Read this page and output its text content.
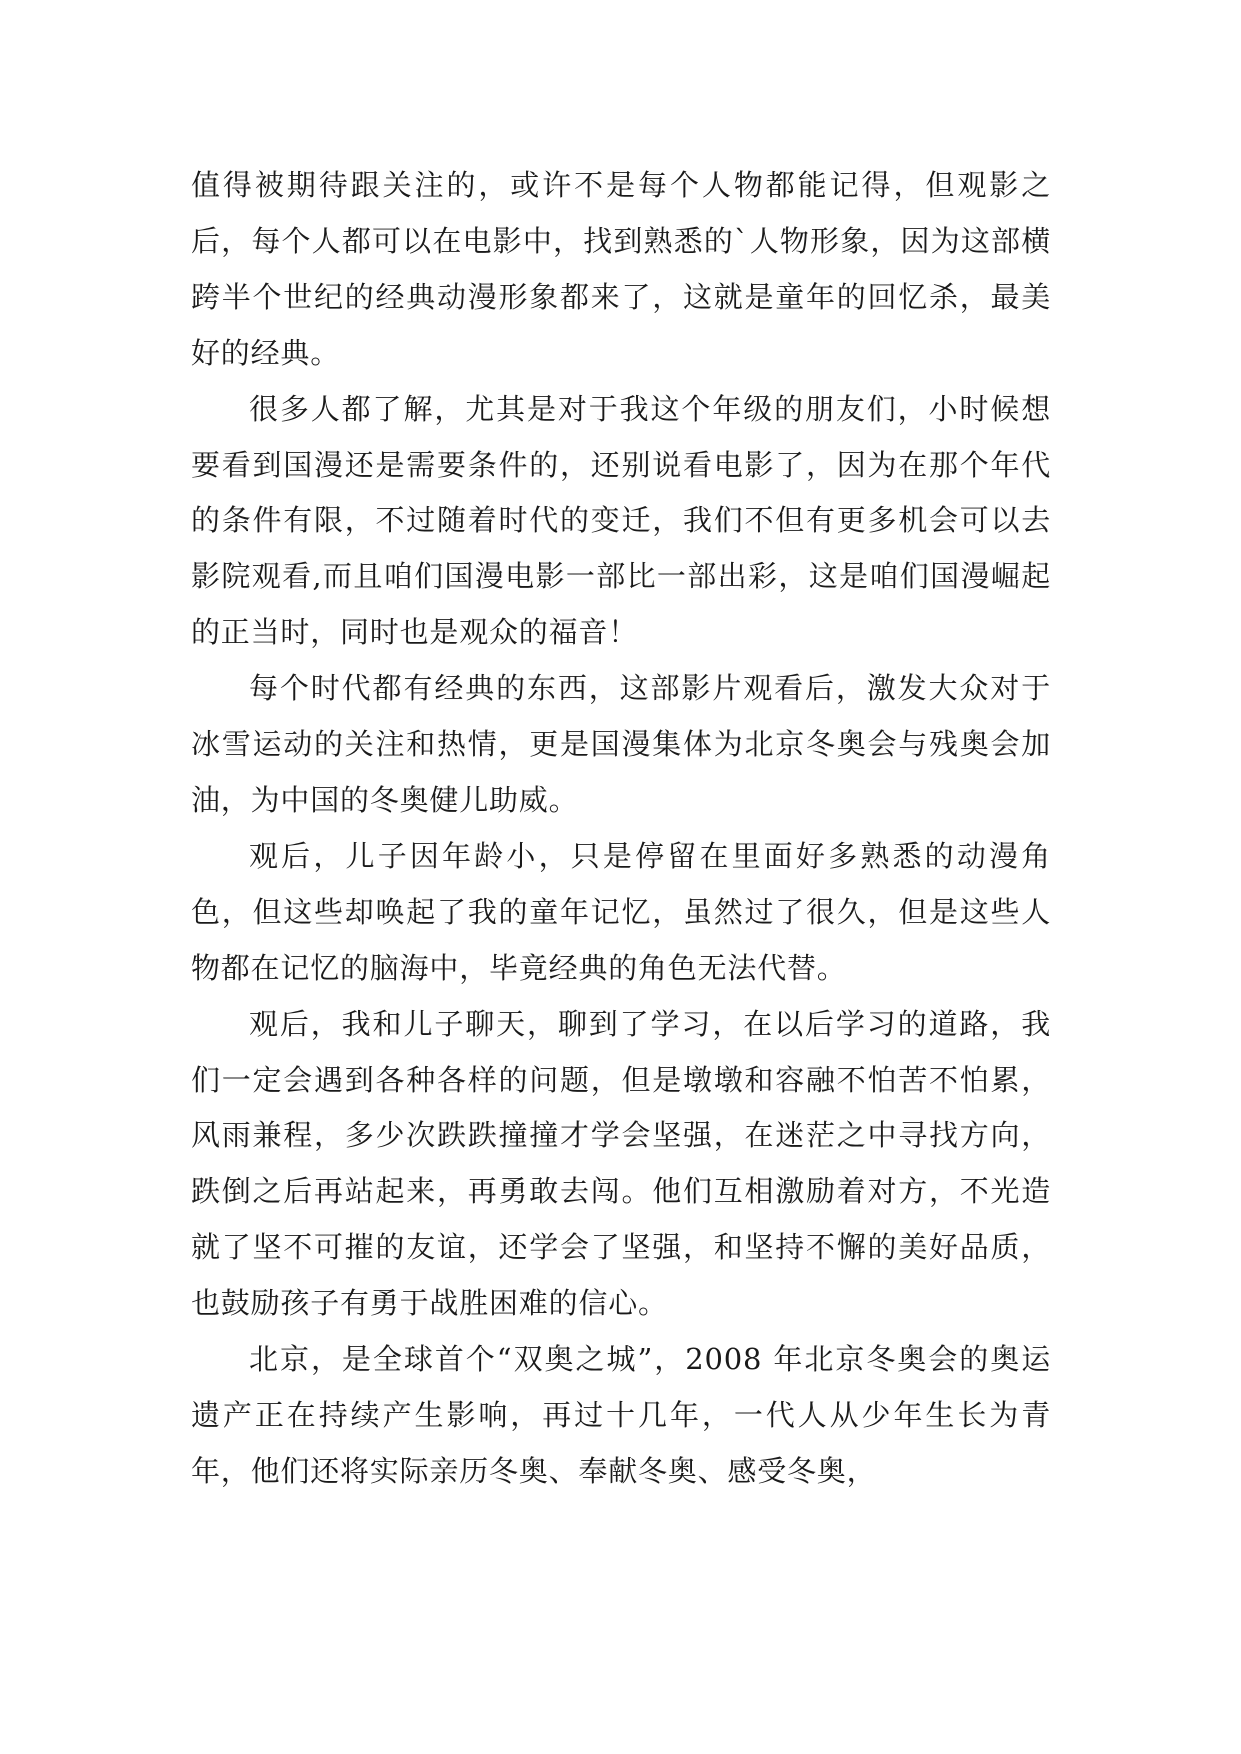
值得被期待跟关注的，或许不是每个人物都能记得，但观影之后，每个人都可以在电影中，找到熟悉的`人物形象，因为这部横跨半个世纪的经典动漫形象都来了，这就是童年的回忆杀，最美好的经典。

很多人都了解，尤其是对于我这个年级的朋友们，小时候想要看到国漫还是需要条件的，还别说看电影了，因为在那个年代的条件有限，不过随着时代的变迁，我们不但有更多机会可以去影院观看,而且咱们国漫电影一部比一部出彩，这是咱们国漫崛起的正当时，同时也是观众的福音！

每个时代都有经典的东西，这部影片观看后，激发大众对于冰雪运动的关注和热情，更是国漫集体为北京冬奥会与残奥会加油，为中国的冬奥健儿助威。

观后，儿子因年龄小，只是停留在里面好多熟悉的动漫角色，但这些却唤起了我的童年记忆，虽然过了很久，但是这些人物都在记忆的脑海中，毕竟经典的角色无法代替。

观后，我和儿子聊天，聊到了学习，在以后学习的道路，我们一定会遇到各种各样的问题，但是墩墩和容融不怕苦不怕累，风雨兼程，多少次跌跌撞撞才学会坚强，在迷茫之中寻找方向，跌倒之后再站起来，再勇敢去闯。他们互相激励着对方，不光造就了坚不可摧的友谊，还学会了坚强，和坚持不懈的美好品质，也鼓励孩子有勇于战胜困难的信心。

北京，是全球首个“双奥之城”，2008 年北京冬奥会的奥运遗产正在持续产生影响，再过十几年，一代人从少年生长为青年，他们还将实际亲历冬奥、奉献冬奥、感受冬奥，
